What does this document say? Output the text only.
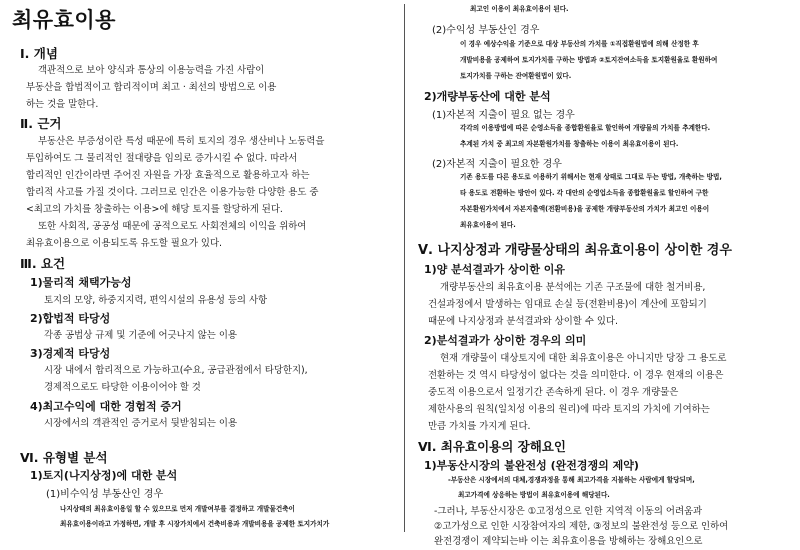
최유효이용
Ⅰ. 개념
객관적으로 보아 양식과 통상의 이용능력을 가진 사람이
부동산을 합법적이고 합리적이며 최고 · 최선의 방법으로 이용
하는 것을 말한다.
Ⅱ. 근거
부동산은 부증성이란 특성 때문에 특히 토지의 경우 생산비나 노동력을
투입하여도 그 물리적인 절대량을 임의로 증가시킬 수 없다. 따라서
합리적인 인간이라면 주어진 자원을 가장 효율적으로 활용하고자 하는
합리적 사고를 가질 것이다. 그러므로 인간은 이용가능한 다양한 용도 중
<최고의 가치를 창출하는 이용>에 해당 토지를 할당하게 된다.
또한 사회적, 공공성 때문에 공적으로도 사회전체의 이익을 위하여
최유효이용으로 이용되도록 유도할 필요가 있다.
Ⅲ. 요건
1)물리적 채택가능성
토지의 모양, 하중지지력, 편익시설의 유용성 등의 사항
2)합법적 타당성
각종 공법상 규제 및 기준에 어긋나지 않는 이용
3)경제적 타당성
시장 내에서 합리적으로 가능하고(수요, 공급관점에서 타당한지),
경제적으로도 타당한 이용이어야 할 것
4)최고수익에 대한 경험적 증거
시장에서의 객관적인 증거로서 뒷받침되는 이용
Ⅵ. 유형별 분석
1)토지(나지상정)에 대한 분석
(1)비수익성 부동산인 경우
나지상태의 최유효이용일 할 수 있으므로 먼저 개발여부를 결정하고 개발물건축이
최유효이용이라고 가정하면, 개발 후 시장가치에서 건축비용과 개발비용을 공제한 토지가치가
최고인 이용이 최유효이용이 된다.
(2)수익성 부동산인 경우
이 경우 예상수익을 기준으로 대상 부동산의 가치를 ①직접환원법에 의해 산정한 후
개발비용을 공제하여 토지가치를 구하는 방법과 ②토지잔여소득을 토지환원율로 환원하여
토지가치를 구하는 잔여환원법이 있다.
2)개량부동산에 대한 분석
(1)자본적 지출이 필요 없는 경우
각각의 이용방법에 따른 순영소득을 종합환원율로 할인하여 개량물의 가치를 추계한다.
추계된 가치 중 최고의 자본환원가치를 창출하는 이용이 최유효이용이 된다.
(2)자본적 지출이 필요한 경우
기존 용도를 다른 용도로 이용하기 위해서는 현재 상태로 그대로 두는 방법, 개축하는 방법,
타 용도로 전환하는 방안이 있다. 각 대안의 순영업소득을 종합환원율로 할인하여 구한
자본환원가치에서 자본지출액(전환비용)을 공제한 개량부동산의 가치가 최고인 이용이
최유효이용이 된다.
Ⅴ. 나지상정과 개량물상태의 최유효이용이 상이한 경우
1)양 분석결과가 상이한 이유
개량부동산의 최유효이용 분석에는 기존 구조물에 대한 철거비용,
건설과정에서 발생하는 임대료 손실 등(전환비용)이 계산에 포함되기
때문에 나지상정과 분석결과와 상이할 수 있다.
2)분석결과가 상이한 경우의 의미
현재 개량물이 대상토지에 대한 최유효이용은 아니지만 당장 그 용도로
전환하는 것 역시 타당성이 없다는 것을 의미한다. 이 경우 현재의 이용은
중도적 이용으로서 일정기간 존속하게 된다. 이 경우 개량물은
제한사용의 원칙(일치성 이용의 원리)에 따라 토지의 가치에 기여하는
만큼 가치를 가지게 된다.
Ⅵ. 최유효이용의 장해요인
1)부동산시장의 불완전성 (완전경쟁의 제약)
-부동산은 시장에서의 대체,경쟁과정을 통해 최고가격을 지불하는 사람에게 할당되며,
최고가격에 상응하는 방법이 최유효이용에 해당된다.
-그러나, 부동산시장은 ①고정성으로 인한 지역적 이동의 어려움과
②고가성으로 인한 시장참여자의 제한, ③정보의 불완전성 등으로 인하여
완전경쟁이 제약되는바 이는 최유효이용을 방해하는 장해요인으로
